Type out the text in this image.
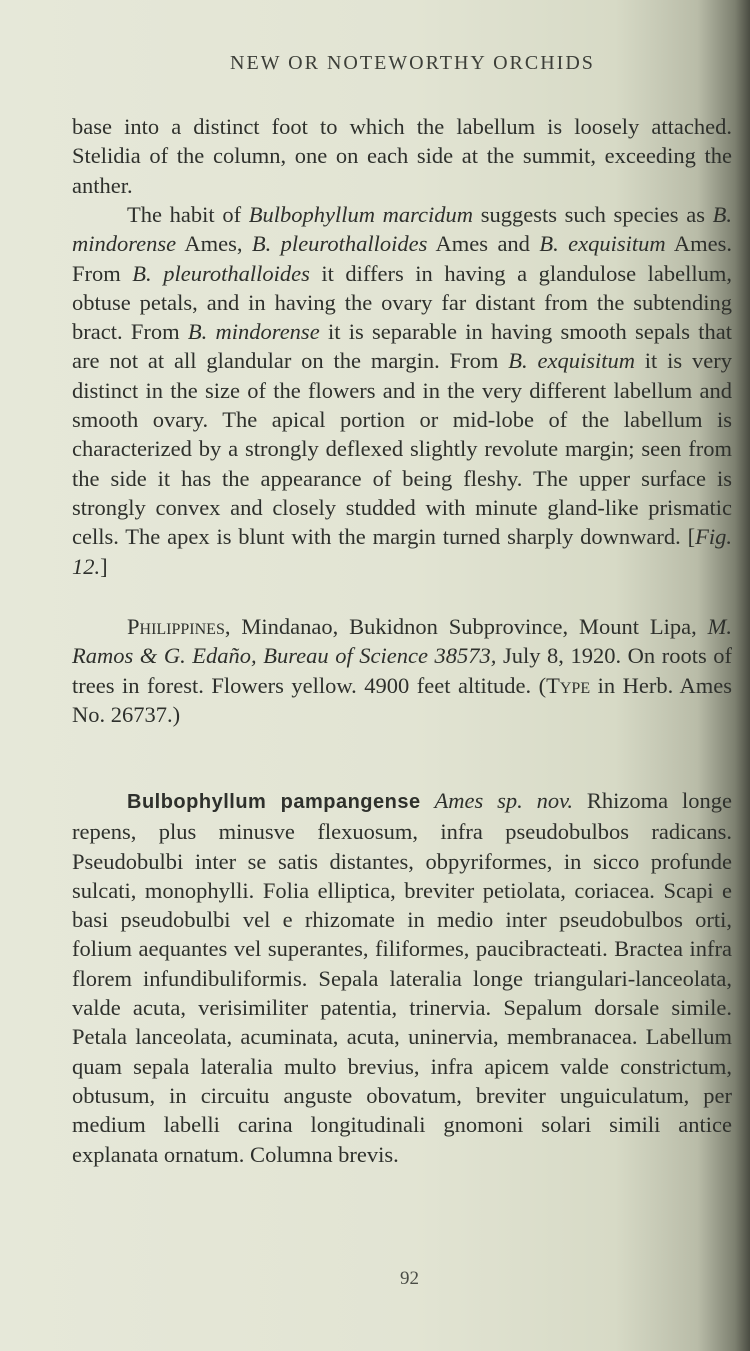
NEW OR NOTEWORTHY ORCHIDS

base into a distinct foot to which the labellum is loosely attached. Stelidia of the column, one on each side at the summit, exceeding the anther.

The habit of Bulbophyllum marcidum suggests such species as B. mindorense Ames, B. pleurothalloides Ames and B. exquisitum Ames. From B. pleurothalloides it differs in having a glandulose labellum, obtuse petals, and in having the ovary far distant from the subtending bract. From B. mindorense it is separable in having smooth sepals that are not at all glandular on the margin. From B. exquisitum it is very distinct in the size of the flowers and in the very different labellum and smooth ovary. The apical portion or mid-lobe of the labellum is characterized by a strongly deflexed slightly revolute margin; seen from the side it has the appearance of being fleshy. The upper surface is strongly convex and closely studded with minute gland-like prismatic cells. The apex is blunt with the margin turned sharply downward. [Fig. 12.]

Philippines, Mindanao, Bukidnon Subprovince, Mount Lipa, M. Ramos & G. Edaño, Bureau of Science 38573, July 8, 1920. On roots of trees in forest. Flowers yellow. 4900 feet altitude. (Type in Herb. Ames No. 26737.)

Bulbophyllum pampangense Ames sp. nov. Rhizoma longe repens, plus minusve flexuosum, infra pseudobulbos radicans. Pseudobulbi inter se satis distantes, obpyriformes, in sicco profunde sulcati, monophylli. Folia elliptica, breviter petiolata, coriacea. Scapi e basi pseudobulbi vel e rhizomate in medio inter pseudobulbos orti, folium aequantes vel superantes, filiformes, paucibracteati. Bractea infra florem infundibuliformis. Sepala lateralia longe triangulari-lanceolata, valde acuta, verisimiliter patentia, trinervia. Sepalum dorsale simile. Petala lanceolata, acuminata, acuta, uninervia, membranacea. Labellum quam sepala lateralia multo brevius, infra apicem valde constrictum, obtusum, in circuitu anguste obovatum, breviter unguiculatum, per medium labelli carina longitudinali gnomoni solari simili antice explanata ornatum. Columna brevis.

92
